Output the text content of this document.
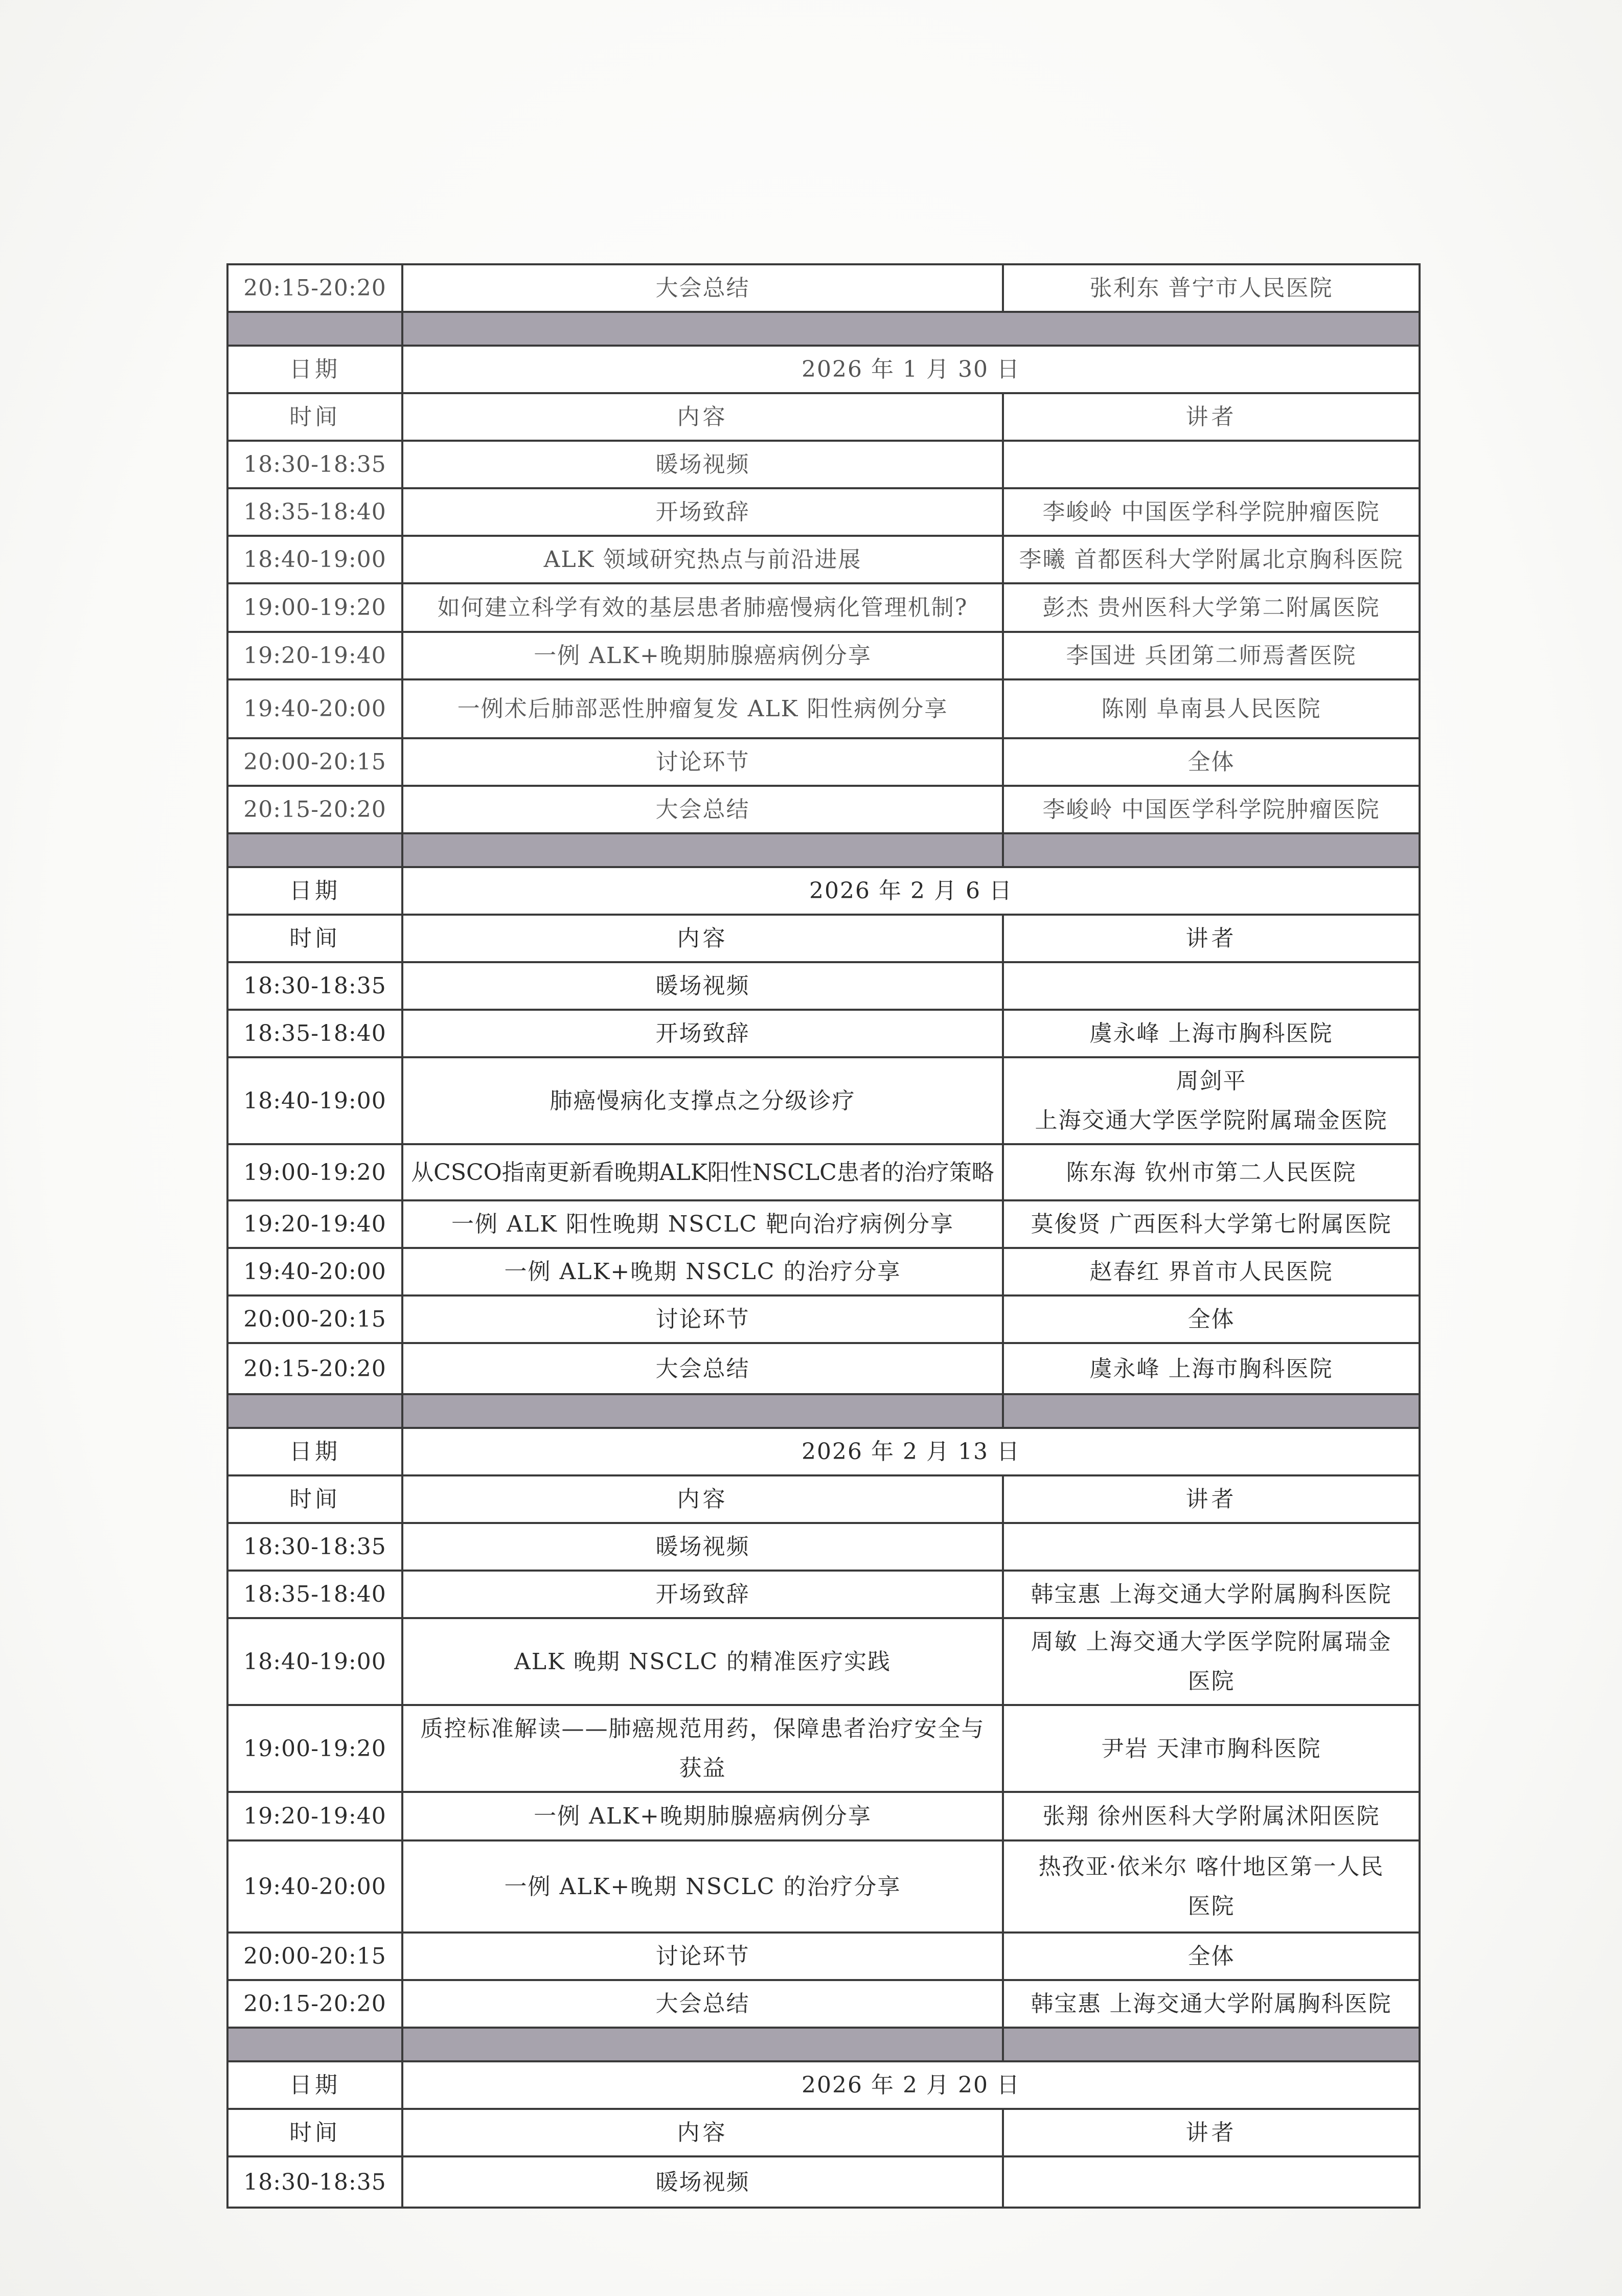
20:15-20:20	大会总结	张利东 普宁市人民医院

日期	2026 年 1 月 30 日	
时间	内容	讲者
18:30-18:35	暖场视频	
18:35-18:40	开场致辞	李峻岭 中国医学科学院肿瘤医院
18:40-19:00	ALK 领域研究热点与前沿进展	李曦 首都医科大学附属北京胸科医院
19:00-19:20	如何建立科学有效的基层患者肺癌慢病化管理机制?	彭杰 贵州医科大学第二附属医院
19:20-19:40	一例 ALK+晚期肺腺癌病例分享	李国进 兵团第二师焉耆医院
19:40-20:00	一例术后肺部恶性肿瘤复发 ALK 阳性病例分享	陈刚 阜南县人民医院
20:00-20:15	讨论环节	全体
20:15-20:20	大会总结	李峻岭 中国医学科学院肿瘤医院

日期	2026 年 2 月 6 日	
时间	内容	讲者
18:30-18:35	暖场视频	
18:35-18:40	开场致辞	虞永峰 上海市胸科医院
18:40-19:00	肺癌慢病化支撑点之分级诊疗	周剑平
上海交通大学医学院附属瑞金医院

19:00-19:20	从CSCO指南更新看晚期ALK阳性NSCLC患者的治疗策略	陈东海 钦州市第二人民医院
19:20-19:40	一例 ALK 阳性晚期 NSCLC 靶向治疗病例分享	莫俊贤 广西医科大学第七附属医院
19:40-20:00	一例 ALK+晚期 NSCLC 的治疗分享	赵春红 界首市人民医院
20:00-20:15	讨论环节	全体
20:15-20:20	大会总结	虞永峰 上海市胸科医院

日期	2026 年 2 月 13 日	
时间	内容	讲者
18:30-18:35	暖场视频	
18:35-18:40	开场致辞	韩宝惠 上海交通大学附属胸科医院
18:40-19:00	ALK 晚期 NSCLC 的精准医疗实践	周敏 上海交通大学医学院附属瑞金
医院

19:00-19:20	质控标准解读——肺癌规范用药，保障患者治疗安全与
获益	尹岩 天津市胸科医院
19:20-19:40	一例 ALK+晚期肺腺癌病例分享	张翔 徐州医科大学附属沭阳医院
19:40-20:00	一例 ALK+晚期 NSCLC 的治疗分享	热孜亚·依米尔 喀什地区第一人民
医院

20:00-20:15	讨论环节	全体
20:15-20:20	大会总结	韩宝惠 上海交通大学附属胸科医院

日期	2026 年 2 月 20 日	
时间	内容	讲者
18:30-18:35	暖场视频	
